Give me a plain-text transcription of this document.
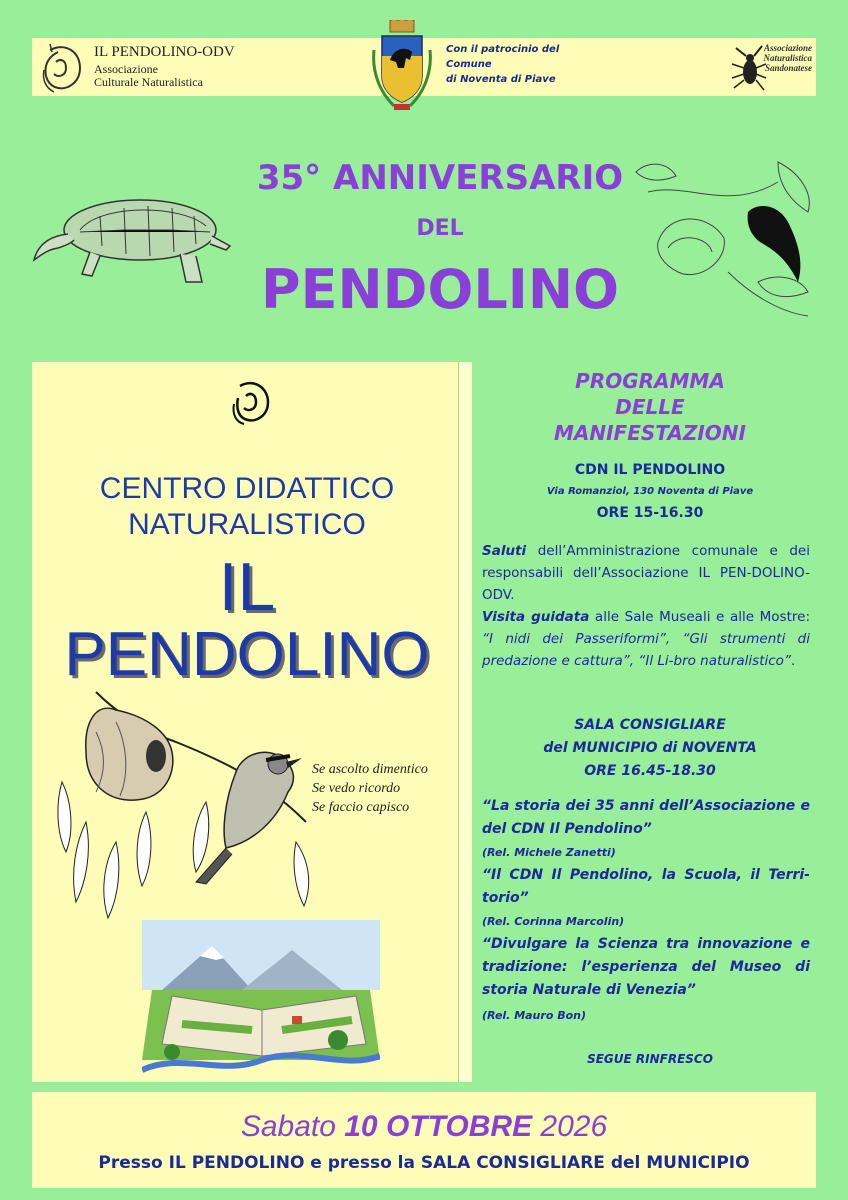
IL PENDOLINO-ODV
Associazione
Culturale Naturalistica
Con il patrocinio del
Comune
di Noventa di Piave
Associazione
Naturalistica
Sandonatese
35° ANNIVERSARIO
DEL
PENDOLINO
CENTRO DIDATTICO
NATURALISTICO
IL
PENDOLINO
Se ascolto dimentico
Se vedo ricordo
Se faccio capisco
PROGRAMMA
DELLE
MANIFESTAZIONI
CDN IL PENDOLINO
Via Romanziol, 130 Noventa di Piave
ORE 15-16.30
Saluti dell’Amministrazione comunale e dei responsabili dell’Associazione IL PEN-DOLINO-ODV.
Visita guidata alle Sale Museali e alle Mostre: “I nidi dei Passeriformi”, “Gli strumenti di predazione e cattura”, “Il Li-bro naturalistico”.
SALA CONSIGLIARE
del MUNICIPIO di NOVENTA
ORE 16.45-18.30
“La storia dei 35 anni dell’Associazione e del CDN Il Pendolino”
(Rel. Michele Zanetti)
“Il CDN Il Pendolino, la Scuola, il Terri-torio”
(Rel. Corinna Marcolin)
“Divulgare la Scienza tra innovazione e tradizione: l’esperienza del Museo di storia Naturale di Venezia”
(Rel. Mauro Bon)
SEGUE RINFRESCO
Sabato 10 OTTOBRE 2026
Presso IL PENDOLINO e presso la SALA CONSIGLIARE del MUNICIPIO
